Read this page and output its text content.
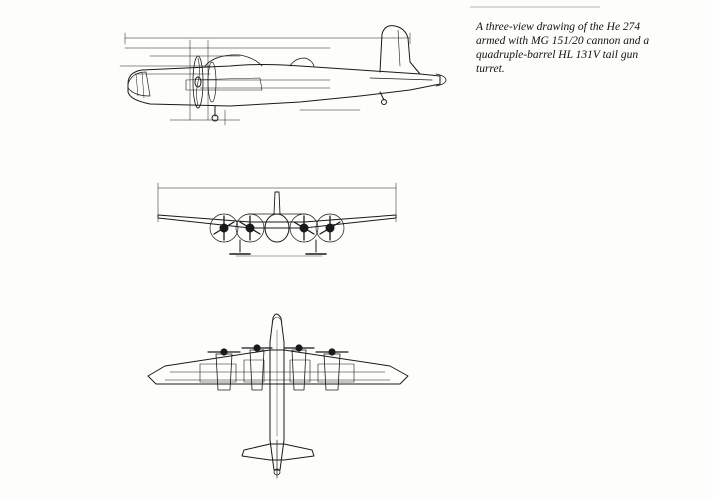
A three-view drawing of the He 274 armed with MG 151/20 cannon and a quadruple-barrel HL 131V tail gun turret.
